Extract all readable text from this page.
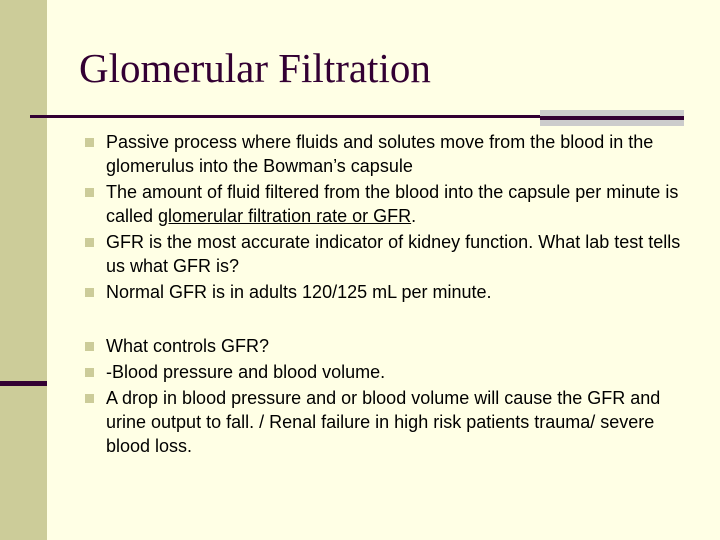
Glomerular Filtration
Passive process where fluids and solutes move from the blood in the glomerulus into the Bowman’s capsule
The amount of fluid filtered from the blood into the capsule per minute is called glomerular filtration rate or GFR.
GFR is the most accurate indicator of kidney function. What lab test tells us what GFR is?
Normal GFR is in adults 120/125 mL per minute.
What controls GFR?
-Blood pressure and blood volume.
A drop in blood pressure and or blood volume will cause the GFR and urine output to fall. / Renal failure in high risk patients trauma/ severe blood loss.
